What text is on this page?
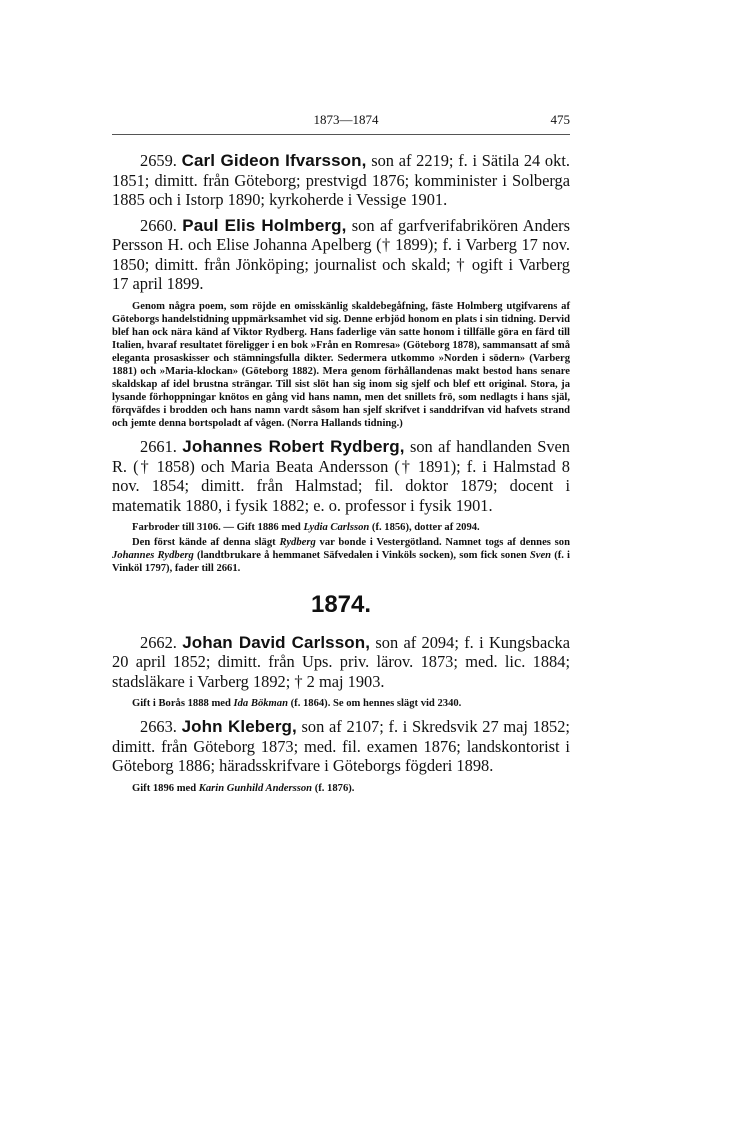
1873—1874	475

2659. Carl Gideon Ifvarsson, son af 2219; f. i Sätila 24 okt. 1851; dimitt. från Göteborg; prestvigd 1876; komminister i Solberga 1885 och i Istorp 1890; kyrkoherde i Vessige 1901.

2660. Paul Elis Holmberg, son af garfverifabrikören Anders Persson H. och Elise Johanna Apelberg († 1899); f. i Varberg 17 nov. 1850; dimitt. från Jönköping; journalist och skald; † ogift i Varberg 17 april 1899.

Genom några poem, som röjde en omisskänlig skaldebegåfning, fäste Holmberg utgifvarens af Göteborgs handelstidning uppmärksamhet vid sig. Denne erbjöd honom en plats i sin tidning. Dervid blef han ock nära känd af Viktor Rydberg. Hans faderlige vän satte honom i tillfälle göra en färd till Italien, hvaraf resultatet föreligger i en bok »Från en Romresa» (Göteborg 1878), sammansatt af små eleganta prosaskisser och stämningsfulla dikter. Sedermera utkommo »Norden i södern» (Varberg 1881) och »Maria-klockan» (Göteborg 1882). Mera genom förhållandenas makt bestod hans senare skaldskap af idel brustna strängar. Till sist slöt han sig inom sig sjelf och blef ett original. Stora, ja lysande förhoppningar knötos en gång vid hans namn, men det snillets frö, som nedlagts i hans själ, förqväfdes i brodden och hans namn vardt såsom han sjelf skrifvet i sanddrifvan vid hafvets strand och jemte denna bortspoladt af vågen. (Norra Hallands tidning.)

2661. Johannes Robert Rydberg, son af handlanden Sven R. († 1858) och Maria Beata Andersson († 1891); f. i Halmstad 8 nov. 1854; dimitt. från Halmstad; fil. doktor 1879; docent i matematik 1880, i fysik 1882; e. o. professor i fysik 1901.

Farbroder till 3106. — Gift 1886 med Lydia Carlsson (f. 1856), dotter af 2094.

Den först kände af denna slägt Rydberg var bonde i Vestergötland. Namnet togs af dennes son Johannes Rydberg (landtbrukare å hemmanet Säfvedalen i Vinköls socken), som fick sonen Sven (f. i Vinköl 1797), fader till 2661.

1874.

2662. Johan David Carlsson, son af 2094; f. i Kungsbacka 20 april 1852; dimitt. från Ups. priv. lärov. 1873; med. lic. 1884; stadsläkare i Varberg 1892; † 2 maj 1903.

Gift i Borås 1888 med Ida Bökman (f. 1864). Se om hennes slägt vid 2340.

2663. John Kleberg, son af 2107; f. i Skredsvik 27 maj 1852; dimitt. från Göteborg 1873; med. fil. examen 1876; landskontorist i Göteborg 1886; häradsskrifvare i Göteborgs fögderi 1898.

Gift 1896 med Karin Gunhild Andersson (f. 1876).
